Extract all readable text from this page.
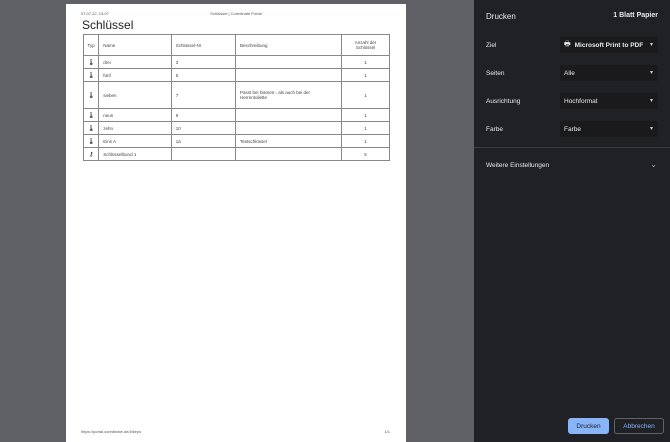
07.07.22, 13:07	Schlüssel | Coredinate Portal
Schlüssel
Typ	Name	Schlüssel-Nr	Beschreibung	Anzahl der Schlüssel
🌡	drei	3		1
🌡	fünf	5		1
🌡	sieben	7	Passt bei Damen-, als auch bei der Herrentoilette	1
🌡	neun	9		1
🌡	zehn	10		1
🌡	Eins A	1a	Testschlüssel	1
⚷	Schlüsselbund 1			5
https://portal.coredinate.de/#/keys	1/1
Drucken	1 Blatt Papier
Ziel	🖶 Microsoft Print to PDF ▾
Seiten	Alle	▾
Ausrichtung	Hochformat	▾
Farbe	Farbe	▾
Weitere Einstellungen	⌄
Drucken	Abbrechen
